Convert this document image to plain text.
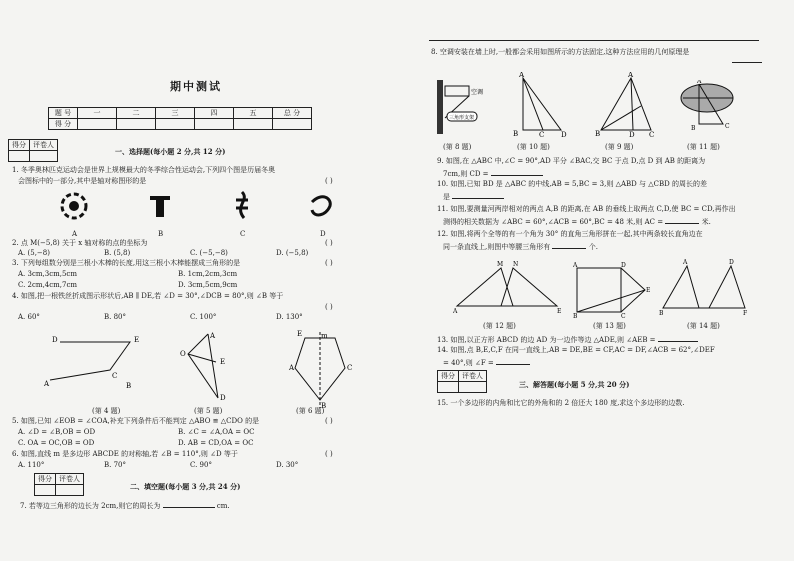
期中测试
题 号	一	二	三	四	五	总 分
得 分						
得分	评卷人

一、选择题(每小题 2 分,共 12 分)
1. 冬季奥林匹克运动会是世界上规模最大的冬季综合性运动会,下列四个图是历届冬奥
会图标中的一部分,其中是轴对称图形的是	( )
A	B	C	D
2. 点 M(−5,8) 关于 x 轴对称的点的坐标为	( )
A. (5,−8)	B. (5,8)	C. (−5,−8)	D. (−5,8)
3. 下列每组数分别是三根小木棒的长度,用这三根小木棒能摆成三角形的是	( )
A. 3cm,3cm,5cm	B. 1cm,2cm,3cm
C. 2cm,4cm,7cm	D. 3cm,5cm,9cm
4. 如图,把一根铁丝折成图示形状后,AB ∥ DE,若 ∠D = 30°,∠DCB = 80°,则 ∠B 等于
( )
A. 60°	B. 80°	C. 100°	D. 130°
D	E
C
A	B
A
O
E
D
m
E
A	C
B
(第 4 题)	(第 5 题)	(第 6 题)
5. 如图,已知 ∠EOB = ∠COA,补充下列条件后不能判定 △ABO ≌ △CDO 的是	( )
A. ∠D = ∠B,OB = OD	B. ∠C = ∠A,OA = OC
C. OA = OC,OB = OD	D. AB = CD,OA = OC
6. 如图,直线 m 是多边形 ABCDE 的对称轴,若 ∠B = 110°,则 ∠D 等于	( )
A. 110°	B. 70°	C. 90°	D. 30°
得分	评卷人

二、填空题(每小题 3 分,共 24 分)
7. 若等边三角形的边长为 2cm,则它的周长为	cm.
8. 空调安装在墙上时,一般都会采用如图所示的方法固定,这种方法应用的几何原理是
空调
三角形支架
A
B	C D
A
B	D C
A
B	C
(第 8 题)	(第 10 题)	(第 9 题)	(第 11 题)
9. 如图,在 △ABC 中,∠C = 90°,AD 平分 ∠BAC,交 BC 于点 D,点 D 到 AB 的距离为
7cm,则 CD =
10. 如图,已知 BD 是 △ABC 的中线,AB = 5,BC = 3,则 △ABD 与 △CBD 的周长的差
是
11. 如图,要测量河两岸相对的两点 A,B 的距离,在 AB 的垂线上取两点 C,D,使 BC = CD,再作出
测得的相关数据为 ∠ABC = 60°,∠ACB = 60°,BC = 48 米,则 AC =	米.
12. 如图,将两个全等的有一个角为 30° 的直角三角形拼在一起,其中两条较长直角边在
同一条直线上,则图中等腰三角形有	个.
A
M N
E
A	D
E
B	C
A	D
B	F
(第 12 题)	(第 13 题)	(第 14 题)
13. 如图,以正方形 ABCD 的边 AD 为一边作等边 △ADE,则 ∠AEB =
14. 如图,点 B,E,C,F 在同一直线上,AB = DE,BE = CF,AC = DF,∠ACB = 62°,∠DEF
= 40°,则 ∠F =
得分	评卷人

三、解答题(每小题 5 分,共 20 分)
15. 一个多边形的内角和比它的外角和的 2 倍还大 180 度,求这个多边形的边数.
